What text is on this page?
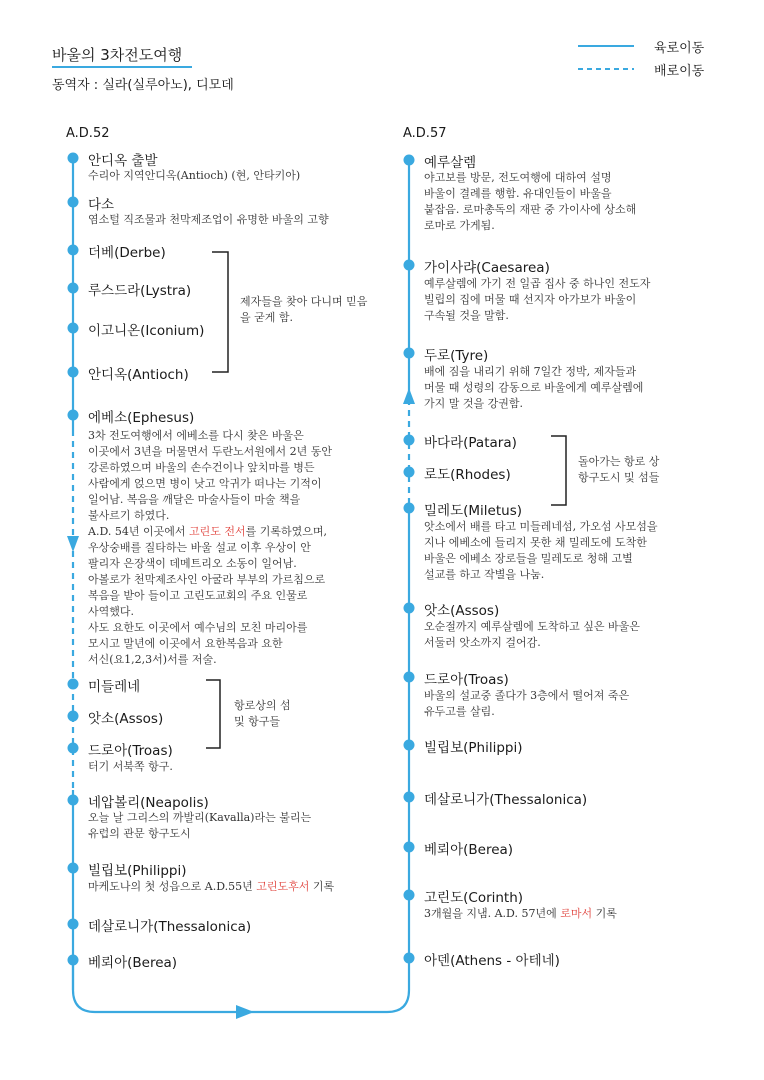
바울의 3차전도여행
동역자 : 실라(실루아노), 디모데
육로이동
배로이동
A.D.52
안디옥 출발
수리아 지역안디옥(Antioch) (현, 안타키아)
다소
염소털 직조물과 천막제조업이 유명한 바울의 고향
더베(Derbe)
루스드라(Lystra)
이고니온(Iconium)
안디옥(Antioch)
제자들을 찾아 다니며 믿음을 굳게 함.
에베소(Ephesus)
3차 전도여행에서 에베소를 다시 찾은 바울은
이곳에서 3년을 머물면서 두란노서원에서 2년 동안
강론하였으며 바울의 손수건이나 앞치마를 병든
사람에게 얹으면 병이 낫고 악귀가 떠나는 기적이
일어남. 복음을 깨달은 마술사들이 마술 책을
불사르기 하였다.
A.D. 54년 이곳에서 고린도 전서를 기록하였으며,
우상숭배를 질타하는 바울 설교 이후 우상이 안
팔리자 은장색이 데메트리오 소동이 일어남.
아볼로가 천막제조사인 아굴라 부부의 가르침으로
복음을 받아 들이고 고린도교회의 주요 인물로
사역했다.
사도 요한도 이곳에서 예수님의 모친 마리아를
모시고 말년에 이곳에서 요한복음과 요한
서신(요1,2,3서)서를 저술.
미들레네
앗소(Assos)
드로아(Troas)
터기 서북쪽 항구.
항로상의 섬
및 항구들
네압볼리(Neapolis)
오늘 날 그리스의 까발리(Kavalla)라는 불리는
유럽의 관문 항구도시
빌립보(Philippi)
마케도나의 첫 성읍으로 A.D.55년 고린도후서 기록
데살로니가(Thessalonica)
베뢰아(Berea)
A.D.57
예루살렘
야고보를 방문, 전도여행에 대하여 설명
바울이 결례를 행함. 유대인들이 바울을
붙잡음. 로마총독의 재판 중 가이사에 상소해
로마로 가게됨.
가이사랴(Caesarea)
예루살렘에 가기 전 일곱 집사 중 하나인 전도자
빌립의 집에 머물 때 선지자 아가보가 바울이
구속될 것을 말함.
두로(Tyre)
배에 짐을 내리기 위해 7일간 정박, 제자들과
머물 때 성령의 감동으로 바울에게 예루살렘에
가지 말 것을 강권함.
바다라(Patara)
로도(Rhodes)
돌아가는 항로 상
항구도시 및 섬들
밀레도(Miletus)
앗소에서 배를 타고 미들레네섬, 가오섬 사모섬을
지나 에베소에 들리지 못한 채 밀레도에 도착한
바울은 에베소 장로들을 밀레도로 청해 고별
설교를 하고 작별을 나눔.
앗소(Assos)
오순절까지 예루살렘에 도착하고 싶은 바울은
서둘러 앗소까지 걸어감.
드로아(Troas)
바울의 설교중 졸다가 3층에서 떨어져 죽은
유두고를 살림.
빌립보(Philippi)
데살로니가(Thessalonica)
베뢰아(Berea)
고린도(Corinth)
3개월을 지냄. A.D. 57년에 로마서 기록
아덴(Athens - 아테네)
